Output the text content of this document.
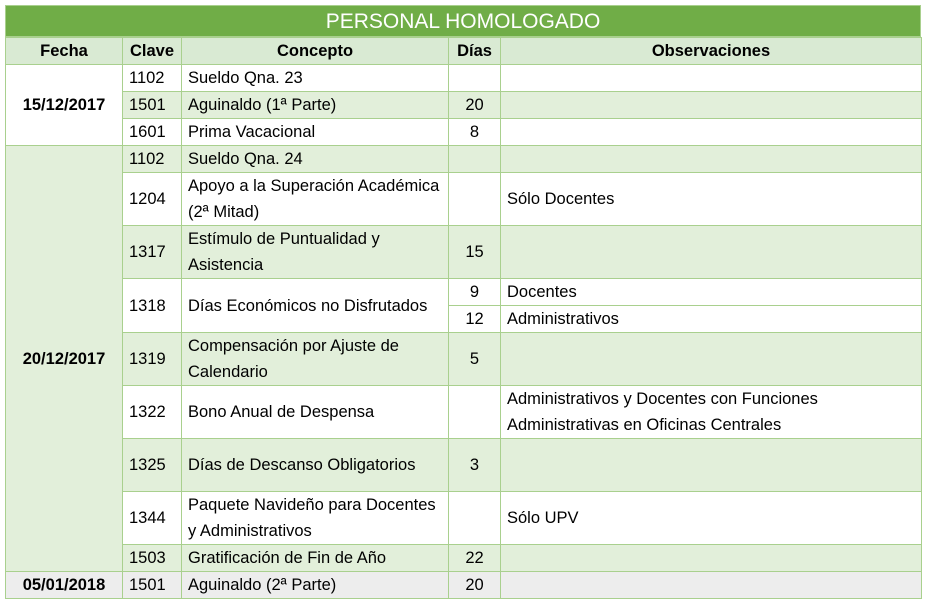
PERSONAL HOMOLOGADO
Fecha	Clave	Concepto	Días	Observaciones
15/12/2017	1102	Sueldo Qna. 23		
	1501	Aguinaldo (1ª Parte)	20	
	1601	Prima Vacacional	8	
20/12/2017	1102	Sueldo Qna. 24		
	1204	Apoyo a la Superación Académica (2ª Mitad)		Sólo Docentes
	1317	Estímulo de Puntualidad y Asistencia	15	
	1318	Días Económicos no Disfrutados	9	Docentes
			12	Administrativos
	1319	Compensación por Ajuste de Calendario	5	
	1322	Bono Anual de Despensa		Administrativos y Docentes con Funciones Administrativas en Oficinas Centrales
	1325	Días de Descanso Obligatorios	3	
	1344	Paquete Navideño para Docentes y Administrativos		Sólo UPV
	1503	Gratificación de Fin de Año	22	
05/01/2018	1501	Aguinaldo (2ª Parte)	20	
